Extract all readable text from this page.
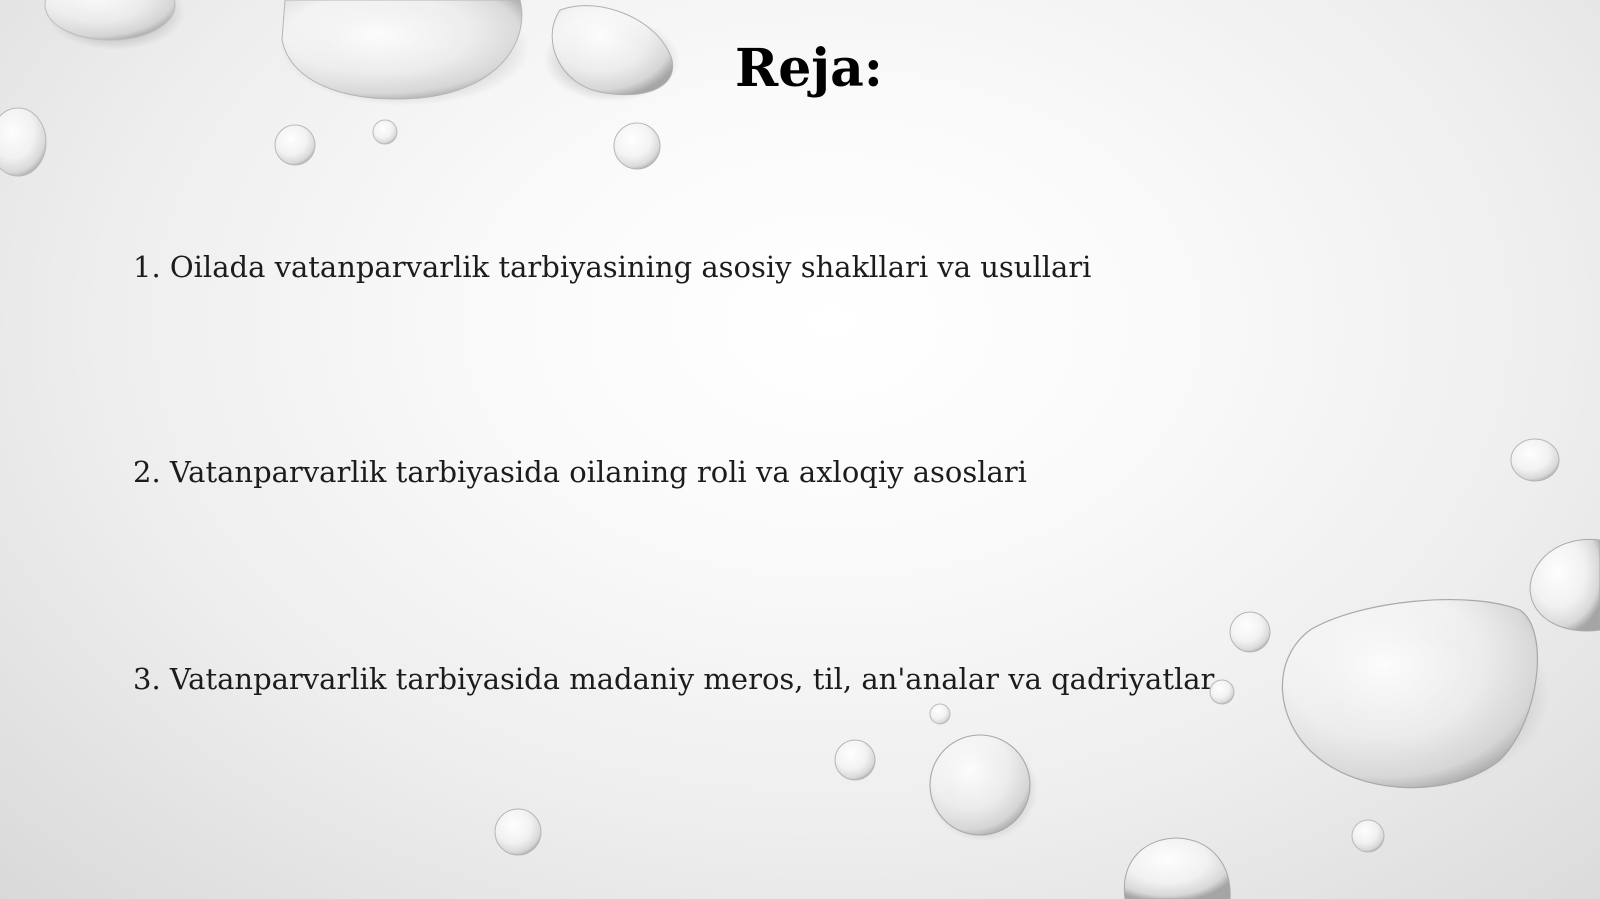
Reja:
1. Oilada vatanparvarlik tarbiyasining asosiy shakllari va usullari
2. Vatanparvarlik tarbiyasida oilaning roli va axloqiy asoslari
3. Vatanparvarlik tarbiyasida madaniy meros, til, an'analar va qadriyatlar
